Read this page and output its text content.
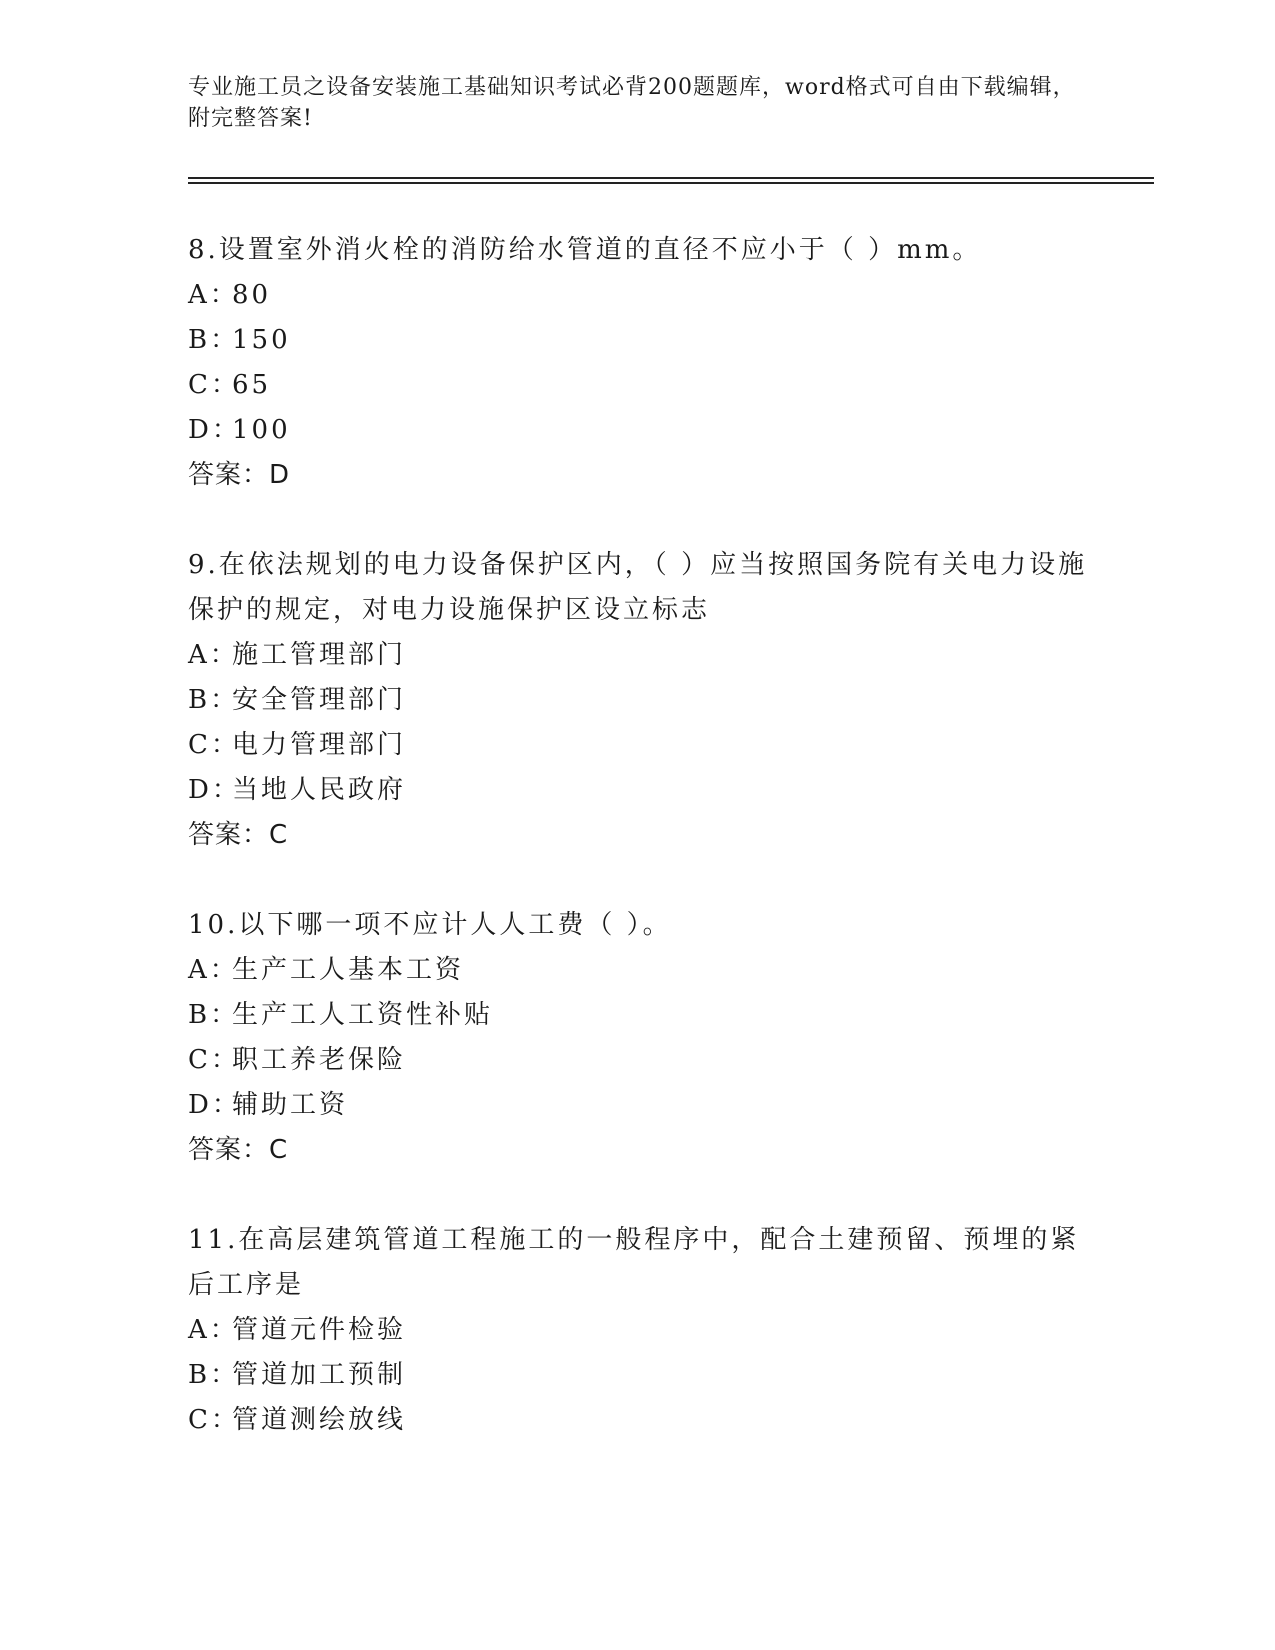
专业施工员之设备安装施工基础知识考试必背200题题库，word格式可自由下载编辑，附完整答案!
8.设置室外消火栓的消防给水管道的直径不应小于（ ）mm。
A：80
B：150
C：65
D：100
答案：D
9.在依法规划的电力设备保护区内，（ ）应当按照国务院有关电力设施保护的规定，对电力设施保护区设立标志
A：施工管理部门
B：安全管理部门
C：电力管理部门
D：当地人民政府
答案：C
10.以下哪一项不应计人人工费（ ）。
A：生产工人基本工资
B：生产工人工资性补贴
C：职工养老保险
D：辅助工资
答案：C
11.在高层建筑管道工程施工的一般程序中，配合土建预留、预埋的紧后工序是
A：管道元件检验
B：管道加工预制
C：管道测绘放线
